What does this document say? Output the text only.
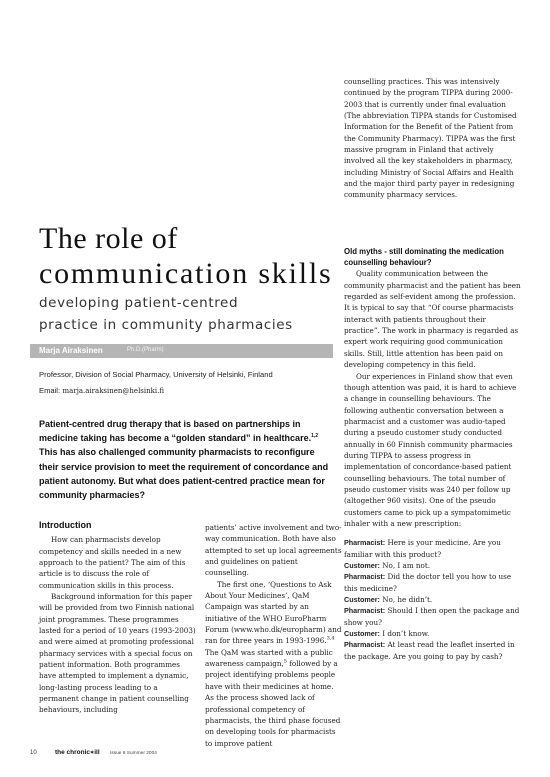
counselling practices. This was intensively continued by the program TIPPA during 2000-2003 that is currently under final evaluation (The abbreviation TIPPA stands for Customised Information for the Benefit of the Patient from the Community Pharmacy). TIPPA was the first massive program in Finland that actively involved all the key stakeholders in pharmacy, including Ministry of Social Affairs and Health and the major third party payer in redesigning community pharmacy services.

The role of
communication skills
developing patient-centred
practice in community pharmacies
Marja Airaksinen	Ph.D.(Pharm)
Professor, Division of Social Pharmacy, University of Helsinki, Finland
Email: marja.airaksinen@helsinki.fi
Patient-centred drug therapy that is based on partnerships in medicine taking has become a “golden standard” in healthcare.$^{1,2}$ This has also challenged community pharmacists to reconfigure their service provision to meet the requirement of concordance and patient autonomy. But what does patient-centred practice mean for community pharmacies?
Introduction

How can pharmacists develop competency and skills needed in a new approach to the patient? The aim of this article is to discuss the role of communication skills in this process.

Background information for this paper will be provided from two Finnish national joint programmes. These programmes lasted for a period of 10 years (1993-2003) and were aimed at promoting professional pharmacy services with a special focus on patient information. Both programmes have attempted to implement a dynamic, long-lasting process leading to a permanent change in patient counselling behaviours, including

patients’ active involvement and two-way communication. Both have also attempted to set up local agreements and guidelines on patient counselling.

The first one, ‘Questions to Ask About Your Medicines’, QaM Campaign was started by an initiative of the WHO EuroPharm Forum (www.who.dk/europharm) and ran for three years in 1993-1996.$^{3,4}$ The QaM was started with a public awareness campaign,$^5$ followed by a project identifying problems people have with their medicines at home. As the process showed lack of professional competency of pharmacists, the third phase focused on developing tools for pharmacists to improve patient

Old myths - still dominating the medication counselling behaviour?

Quality communication between the community pharmacist and the patient has been regarded as self-evident among the profession. It is typical to say that “Of course pharmacists interact with patients throughout their practice”. The work in pharmacy is regarded as expert work requiring good communication skills. Still, little attention has been paid on developing competency in this field.

Our experiences in Finland show that even though attention was paid, it is hard to achieve a change in counselling behaviours. The following authentic conversation between a pharmacist and a customer was audio-taped during a pseudo customer study conducted annually in 60 Finnish community pharmacies during TIPPA to assess progress in implementation of concordance-based patient counselling behaviours. The total number of pseudo customer visits was 240 per follow up (altogether 960 visits). One of the pseudo customers came to pick up a sympatomimetic inhaler with a new prescription:

Pharmacist: Here is your medicine. Are you familiar with this product?

Customer: No, I am not.

Pharmacist: Did the doctor tell you how to use this medicine?

Customer: No, he didn’t.

Pharmacist: Should I then open the package and show you?

Customer: I don’t know.

Pharmacist: At least read the leaflet inserted in the package. Are you going to pay by cash?

10	the chronic✶ill Issue 8 Summer 2004
